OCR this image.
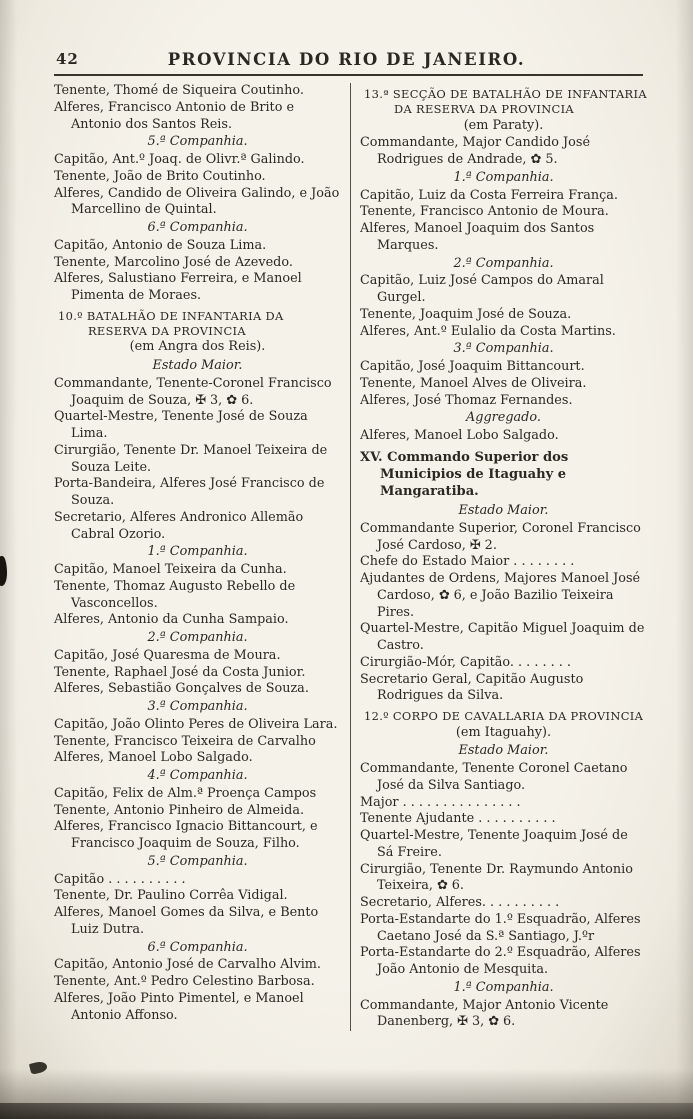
42	PROVINCIA DO RIO DE JANEIRO.

Tenente, Thomé de Siqueira Coutinho.

Alferes, Francisco Antonio de Brito e Antonio dos Santos Reis.

5.ª Companhia.

Capitão, Ant.º Joaq. de Olivr.ª Galindo.

Tenente, João de Brito Coutinho.

Alferes, Candido de Oliveira Galindo, e João Marcellino de Quintal.

6.ª Companhia.

Capitão, Antonio de Souza Lima.

Tenente, Marcolino José de Azevedo.

Alferes, Salustiano Ferreira, e Manoel Pimenta de Moraes.

10.º BATALHÃO DE INFANTARIA DA RESERVA DA PROVINCIA

(em Angra dos Reis).

Estado Maior.

Commandante, Tenente-Coronel Francisco Joaquim de Souza, ✠ 3, ✿ 6.

Quartel-Mestre, Tenente José de Souza Lima.

Cirurgião, Tenente Dr. Manoel Teixeira de Souza Leite.

Porta-Bandeira, Alferes José Francisco de Souza.

Secretario, Alferes Andronico Allemão Cabral Ozorio.

1.ª Companhia.

Capitão, Manoel Teixeira da Cunha.

Tenente, Thomaz Augusto Rebello de Vasconcellos.

Alferes, Antonio da Cunha Sampaio.

2.ª Companhia.

Capitão, José Quaresma de Moura.

Tenente, Raphael José da Costa Junior.

Alferes, Sebastião Gonçalves de Souza.

3.ª Companhia.

Capitão, João Olinto Peres de Oliveira Lara.

Tenente, Francisco Teixeira de Carvalho

Alferes, Manoel Lobo Salgado.

4.ª Companhia.

Capitão, Felix de Alm.ª Proença Campos

Tenente, Antonio Pinheiro de Almeida.

Alferes, Francisco Ignacio Bittancourt, e Francisco Joaquim de Souza, Filho.

5.ª Companhia.

Capitão . . . . . . . . . .

Tenente, Dr. Paulino Corrêa Vidigal.

Alferes, Manoel Gomes da Silva, e Bento Luiz Dutra.

6.ª Companhia.

Capitão, Antonio José de Carvalho Alvim.

Tenente, Ant.º Pedro Celestino Barbosa.

Alferes, João Pinto Pimentel, e Manoel Antonio Affonso.

13.ª SECÇÃO DE BATALHÃO DE INFANTARIA DA RESERVA DA PROVINCIA

(em Paraty).

Commandante, Major Candido José Rodrigues de Andrade, ✿ 5.

1.ª Companhia.

Capitão, Luiz da Costa Ferreira França.

Tenente, Francisco Antonio de Moura.

Alferes, Manoel Joaquim dos Santos Marques.

2.ª Companhia.

Capitão, Luiz José Campos do Amaral Gurgel.

Tenente, Joaquim José de Souza.

Alferes, Ant.º Eulalio da Costa Martins.

3.ª Companhia.

Capitão, José Joaquim Bittancourt.

Tenente, Manoel Alves de Oliveira.

Alferes, José Thomaz Fernandes.

Aggregado.

Alferes, Manoel Lobo Salgado.

XV. Commando Superior dos Municipios de Itaguahy e Mangaratiba.

Estado Maior.

Commandante Superior, Coronel Francisco José Cardoso, ✠ 2.

Chefe do Estado Maior . . . . . . . .

Ajudantes de Ordens, Majores Manoel José Cardoso, ✿ 6, e João Bazilio Teixeira Pires.

Quartel-Mestre, Capitão Miguel Joaquim de Castro.

Cirurgião-Mór, Capitão. . . . . . . .

Secretario Geral, Capitão Augusto Rodrigues da Silva.

12.º CORPO DE CAVALLARIA DA PROVINCIA

(em Itaguahy).

Estado Maior.

Commandante, Tenente Coronel Caetano José da Silva Santiago.

Major . . . . . . . . . . . . . . .

Tenente Ajudante . . . . . . . . . .

Quartel-Mestre, Tenente Joaquim José de Sá Freire.

Cirurgião, Tenente Dr. Raymundo Antonio Teixeira, ✿ 6.

Secretario, Alferes. . . . . . . . . .

Porta-Estandarte do 1.º Esquadrão, Alferes Caetano José da S.ª Santiago, J.ºr

Porta-Estandarte do 2.º Esquadrão, Alferes João Antonio de Mesquita.

1.ª Companhia.

Commandante, Major Antonio Vicente Danenberg, ✠ 3, ✿ 6.
